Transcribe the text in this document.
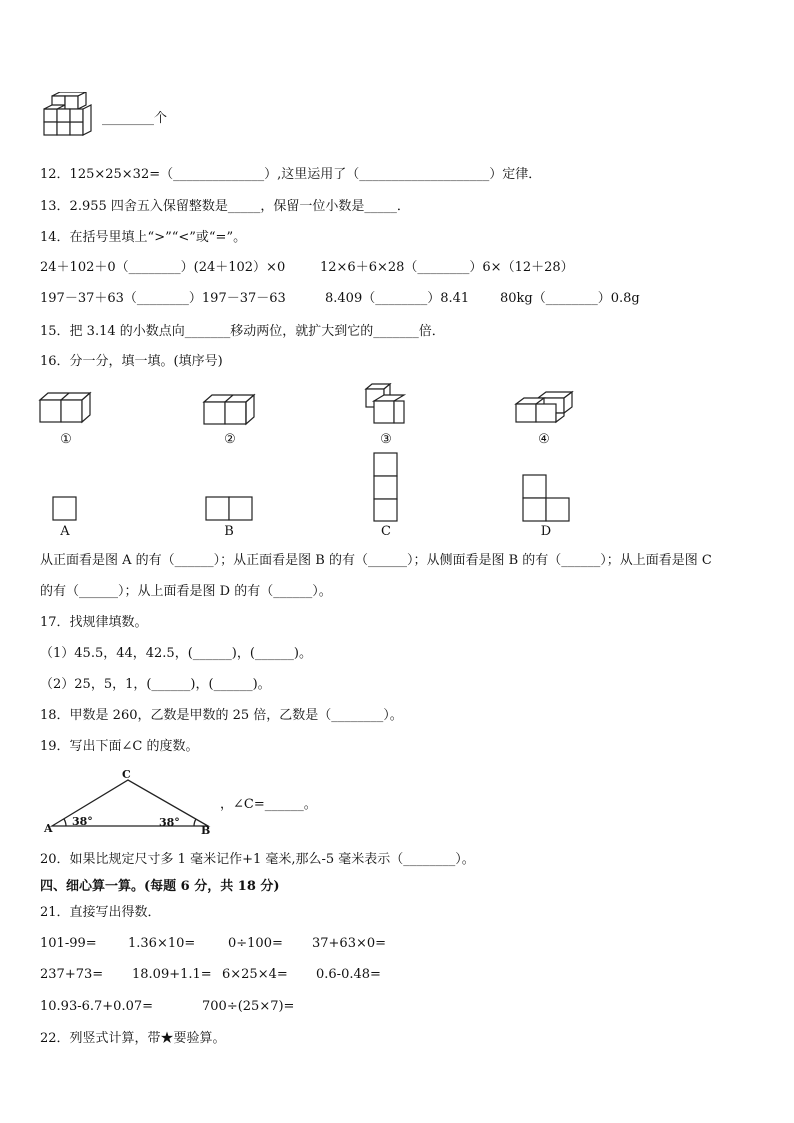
________个
12．125×25×32=（______________）,这里运用了（____________________）定律．
13．2.955 四舍五入保留整数是_____，保留一位小数是_____．
14．在括号里填上“>”“<”或“=”。
24＋102＋0（________）(24＋102）×0	12×6＋6×28（________）6×（12＋28）
197－37＋63（________）197－37－63	8.409（________）8.41 80kg（________）0.8g
15．把 3.14 的小数点向_______移动两位，就扩大到它的_______倍．
16．分一分，填一填。(填序号)
①	②	③	④
A	B	C	D
从正面看是图 A 的有（______）；从正面看是图 B 的有（______）；从侧面看是图 B 的有（______）；从上面看是图 C
的有（______）；从上面看是图 D 的有（______）。
17．找规律填数。
（1）45.5，44，42.5，(______)，(______)。
（2）25，5，1，(______)，(______)。
18．甲数是 260，乙数是甲数的 25 倍，乙数是（________）。
19．写出下面∠C 的度数。
C
A	B
38°	38°
，∠C=______。
20．如果比规定尺寸多 1 毫米记作+1 毫米,那么-5 毫米表示（________）。
四、细心算一算。(每题 6 分，共 18 分)
21．直接写出得数．
101-99= 1.36×10=	0÷100= 37+63×0=
237+73= 18.09+1.1= 6×25×4= 0.6-0.48=
10.93-6.7+0.07=	700÷(25×7)=
22．列竖式计算，带★要验算。
